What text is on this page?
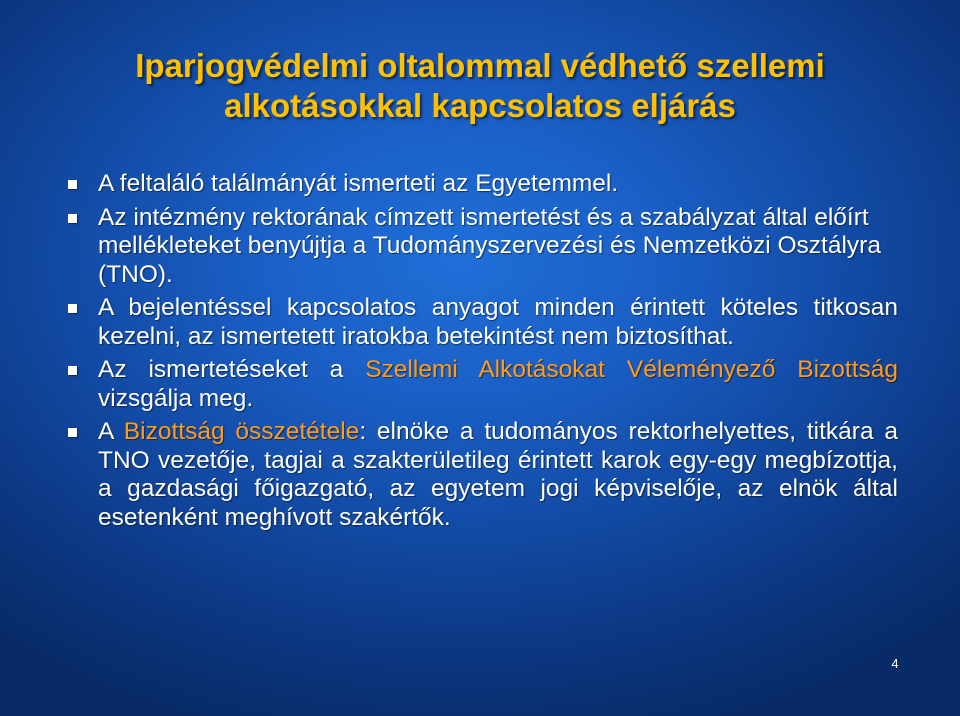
Iparjogvédelmi oltalommal védhető szellemi alkotásokkal kapcsolatos eljárás
A feltaláló találmányát ismerteti az Egyetemmel.
Az intézmény rektorának címzett ismertetést és a szabályzat által előírt mellékleteket benyújtja a Tudományszervezési és Nemzetközi Osztályra (TNO).
A bejelentéssel kapcsolatos anyagot minden érintett köteles titkosan kezelni, az ismertetett iratokba betekintést nem biztosíthat.
Az ismertetéseket a Szellemi Alkotásokat Véleményező Bizottság vizsgálja meg.
A Bizottság összetétele: elnöke a tudományos rektorhelyettes, titkára a TNO vezetője, tagjai a szakterületileg érintett karok egy-egy megbízottja, a gazdasági főigazgató, az egyetem jogi képviselője, az elnök által esetenként meghívott szakértők.
4
